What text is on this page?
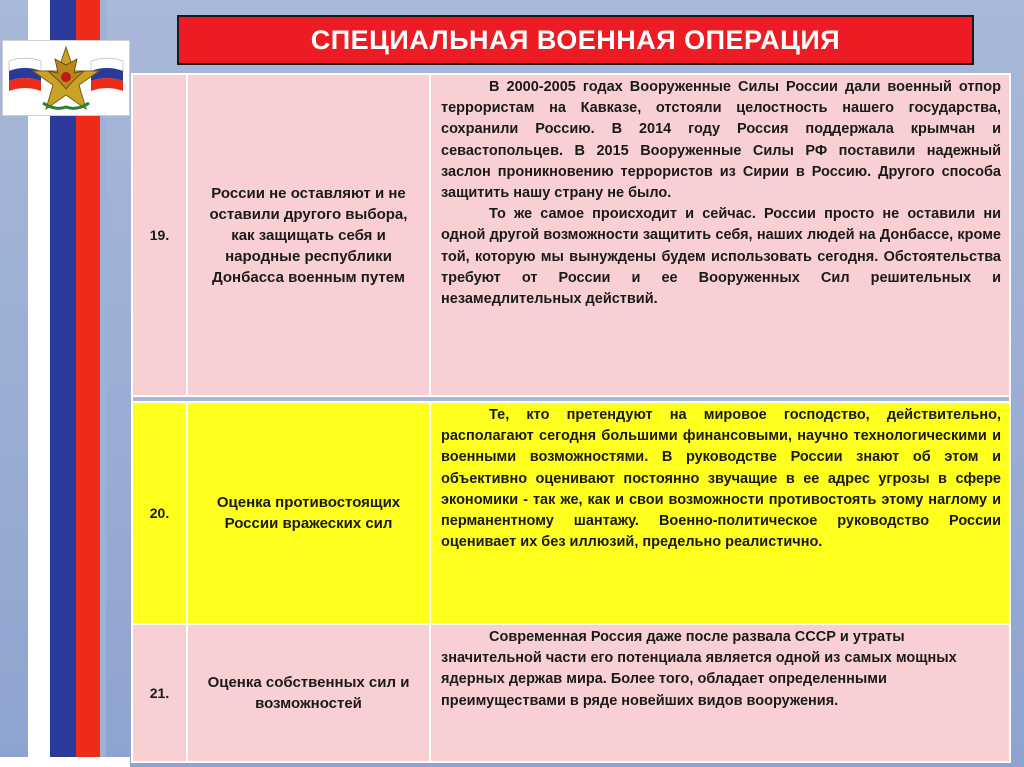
СПЕЦИАЛЬНАЯ ВОЕННАЯ ОПЕРАЦИЯ
19.	России не оставляют и не оставили другого выбора, как защищать себя и народные республики Донбасса военным путем	В 2000-2005 годах Вооруженные Силы России дали военный отпор террористам на Кавказе, отстояли целостность нашего государства, сохранили Россию. В 2014 году Россия поддержала крымчан и севастопольцев. В 2015 Вооруженные Силы РФ поставили надежный заслон проникновению террористов из Сирии в Россию. Другого способа защитить нашу страну не было.

То же самое происходит и сейчас. России просто не оставили ни одной другой возможности защитить себя, наших людей на Донбассе, кроме той, которую мы вынуждены будем использовать сегодня. Обстоятельства требуют от России и ее Вооруженных Сил решительных и незамедлительных действий.

20.	Оценка противостоящих России вражеских сил	Те, кто претендуют на мировое господство, действительно, располагают сегодня большими финансовыми, научно технологическими и военными возможностями. В руководстве России знают об этом и объективно оценивают постоянно звучащие в ее адрес угрозы в сфере экономики - так же, как и свои возможности противостоять этому наглому и перманентному шантажу. Военно-политическое руководство России оценивает их без иллюзий, предельно реалистично.

21.	Оценка собственных сил и возможностей	Современная Россия даже после развала СССР и утраты значительной части его потенциала является одной из самых мощных ядерных держав мира. Более того, обладает определенными преимуществами в ряде новейших видов вооружения.
